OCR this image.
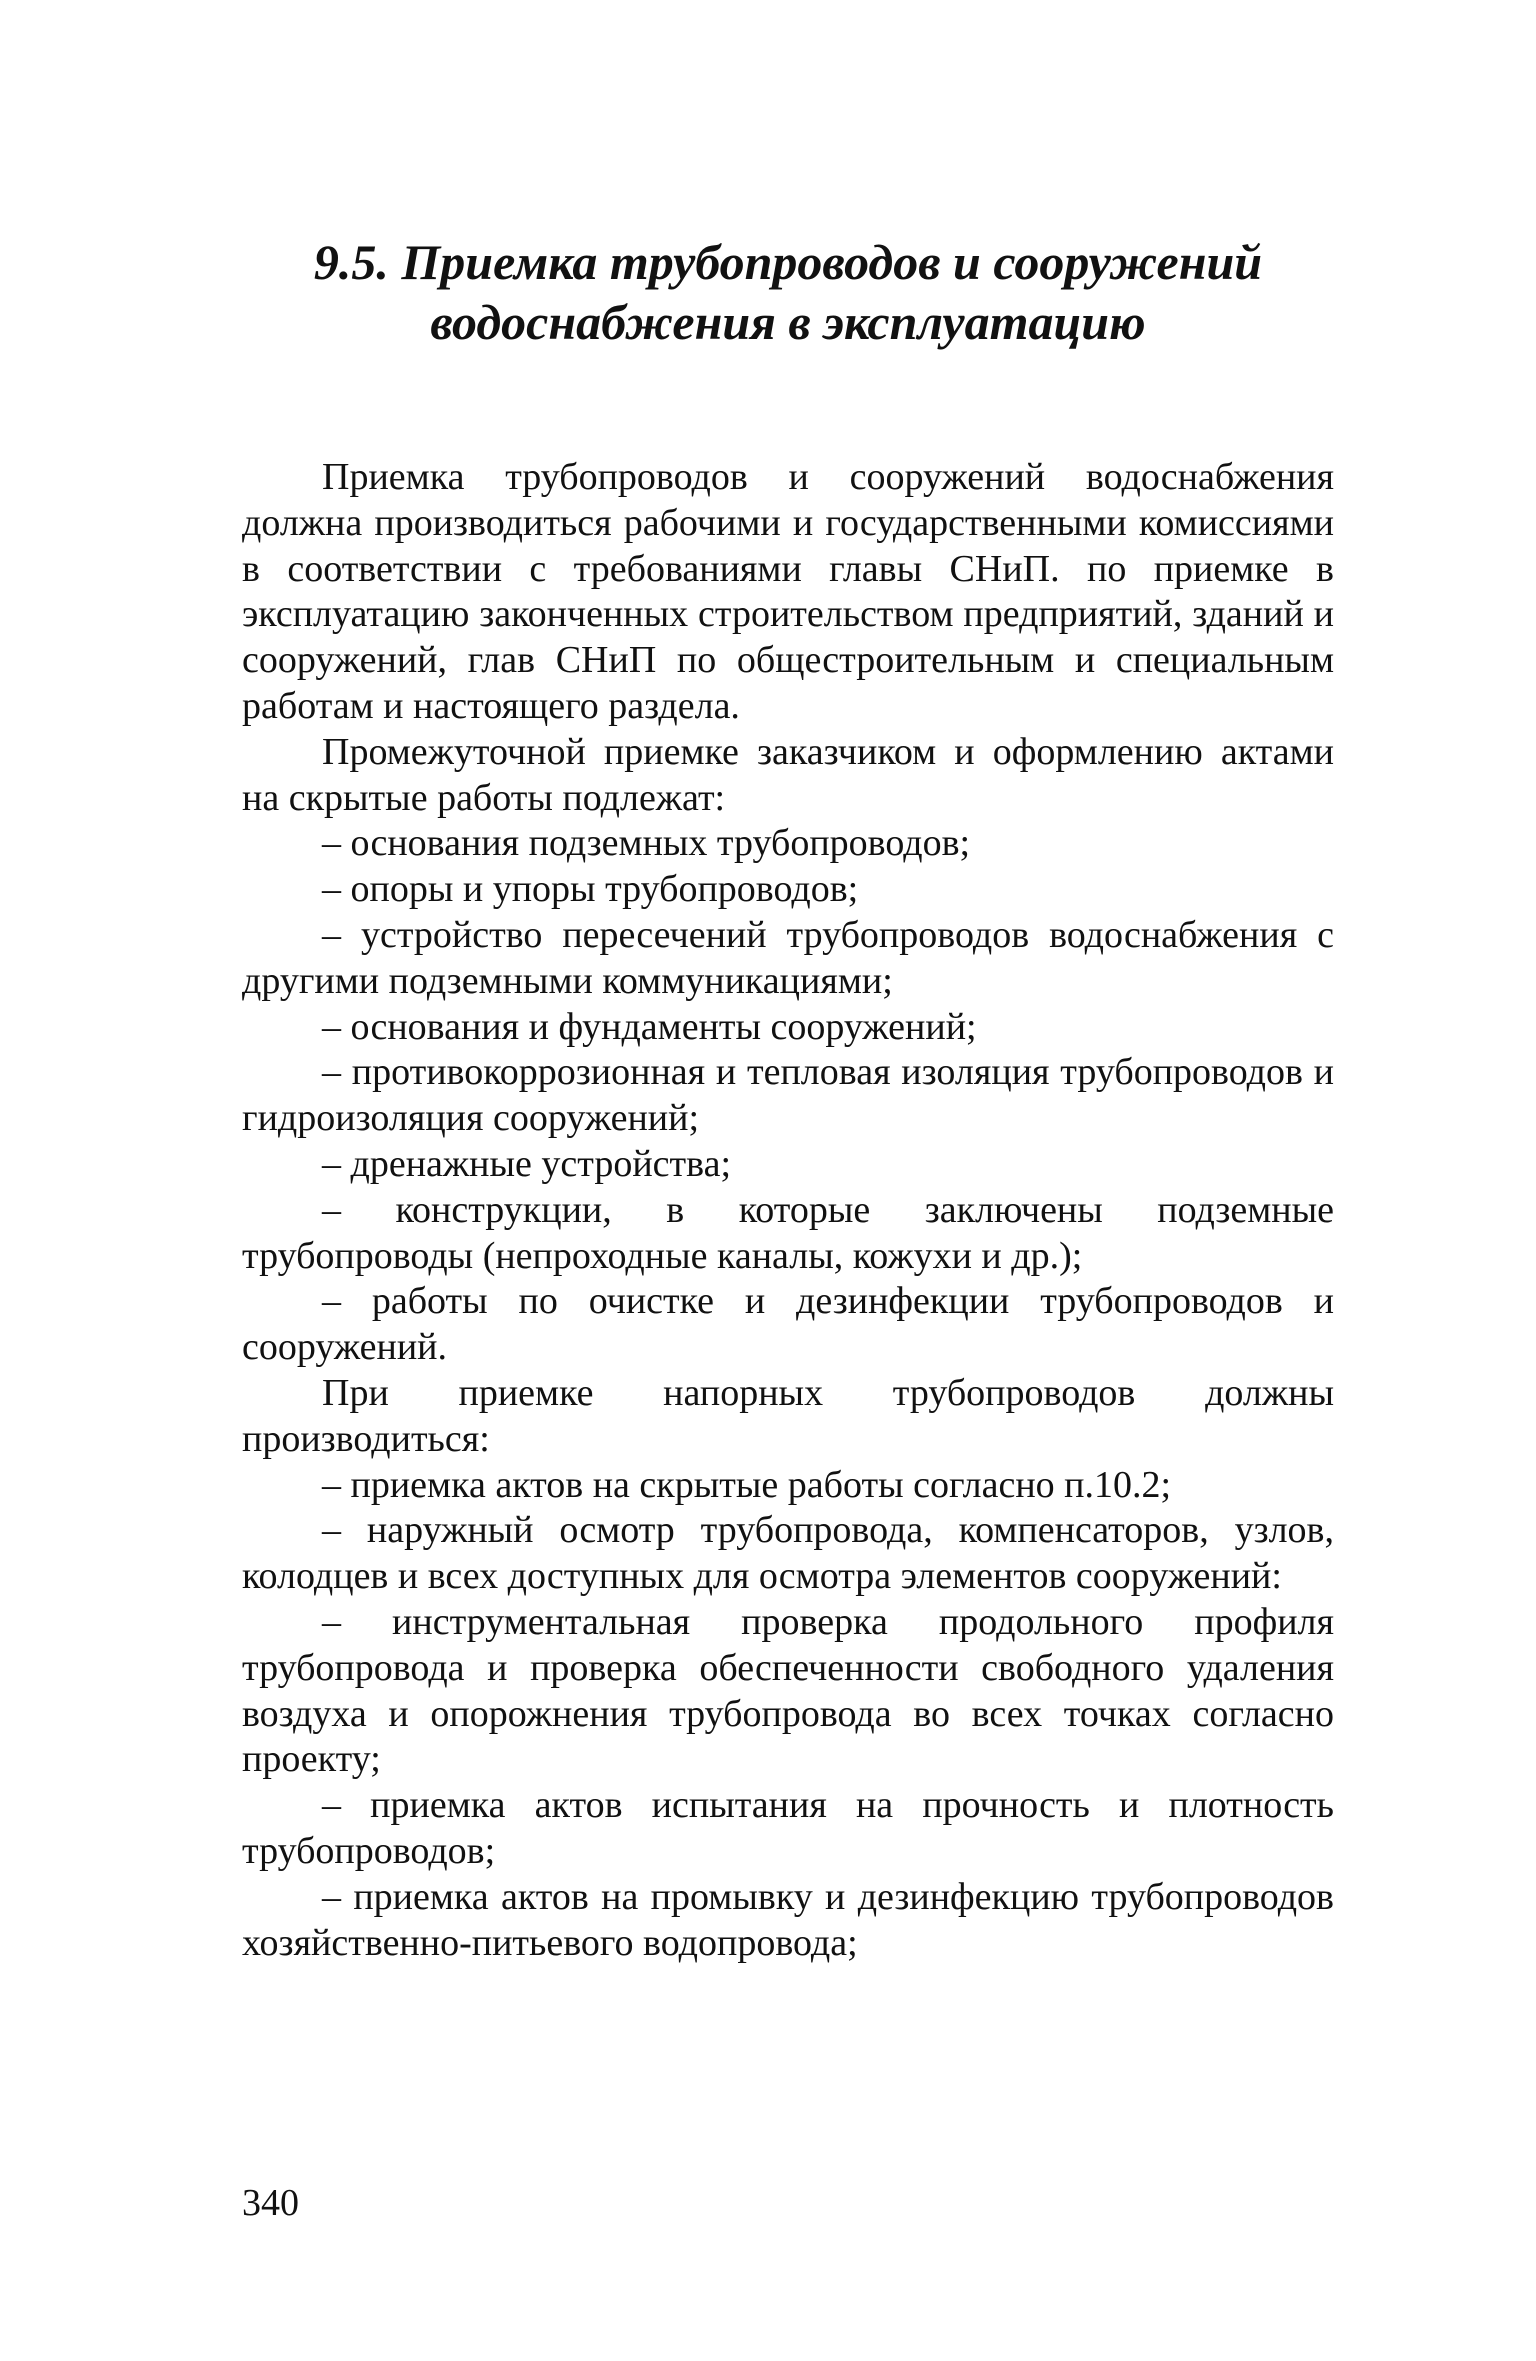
9.5. Приемка трубопроводов и сооружений
водоснабжения в эксплуатацию

Приемка трубопроводов и сооружений водоснабжения должна производиться рабочими и государственными комиссиями в соответствии с требованиями главы СНиП. по приемке в эксплуатацию законченных строительством предприятий, зданий и сооружений, глав СНиП по общестроительным и специальным работам и настоящего раздела.

Промежуточной приемке заказчиком и оформлению актами на скрытые работы подлежат:

– основания подземных трубопроводов;

– опоры и упоры трубопроводов;

– устройство пересечений трубопроводов водоснабжения с другими подземными коммуникациями;

– основания и фундаменты сооружений;

– противокоррозионная и тепловая изоляция трубопроводов и гидроизоляция сооружений;

– дренажные устройства;

– конструкции, в которые заключены подземные трубопроводы (непроходные каналы, кожухи и др.);

– работы по очистке и дезинфекции трубопроводов и сооружений.

При приемке напорных трубопроводов должны производиться:

– приемка актов на скрытые работы согласно п.10.2;

– наружный осмотр трубопровода, компенсаторов, узлов, колодцев и всех доступных для осмотра элементов сооружений:

– инструментальная проверка продольного профиля трубопровода и проверка обеспеченности свободного удаления воздуха и опорожнения трубопровода во всех точках согласно проекту;

– приемка актов испытания на прочность и плотность трубопроводов;

– приемка актов на промывку и дезинфекцию трубопроводов хозяйственно-питьевого водопровода;

340
